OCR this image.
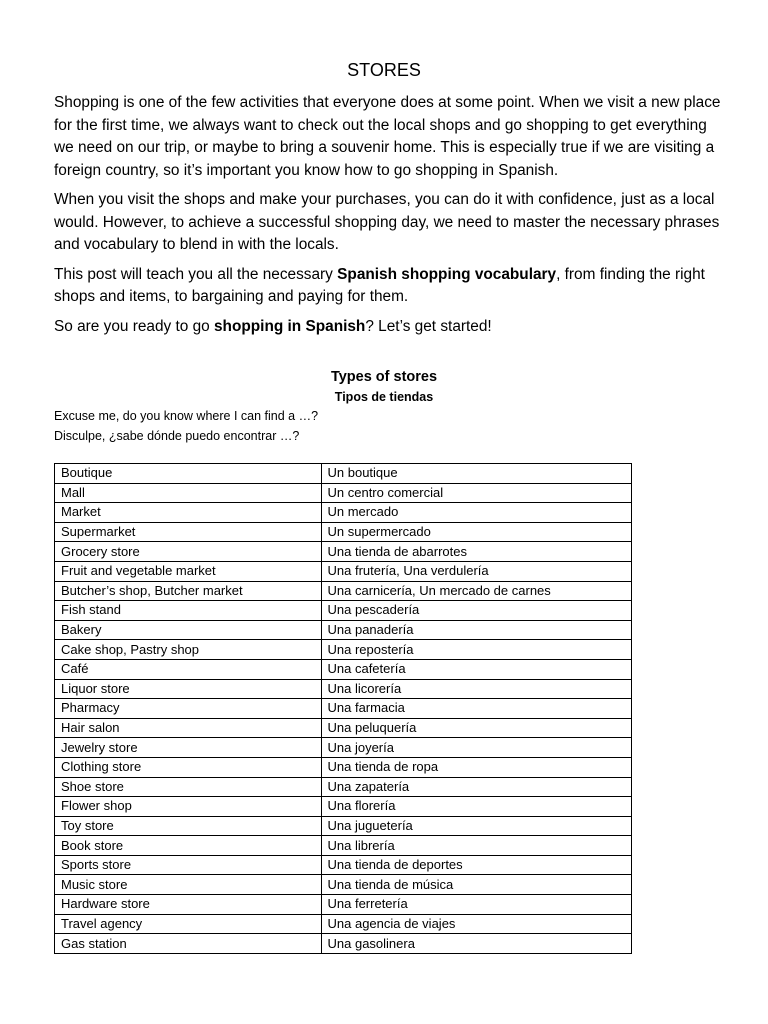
STORES

Shopping is one of the few activities that everyone does at some point. When we visit a new place for the first time, we always want to check out the local shops and go shopping to get everything we need on our trip, or maybe to bring a souvenir home. This is especially true if we are visiting a foreign country, so it’s important you know how to go shopping in Spanish.

When you visit the shops and make your purchases, you can do it with confidence, just as a local would. However, to achieve a successful shopping day, we need to master the necessary phrases and vocabulary to blend in with the locals.

This post will teach you all the necessary Spanish shopping vocabulary, from finding the right shops and items, to bargaining and paying for them.

So are you ready to go shopping in Spanish? Let’s get started!

Types of stores
Tipos de tiendas
Excuse me, do you know where I can find a …?
Disculpe, ¿sabe dónde puedo encontrar …?
Boutique	Un boutique
Mall	Un centro comercial
Market	Un mercado
Supermarket	Un supermercado
Grocery store	Una tienda de abarrotes
Fruit and vegetable market	Una frutería, Una verdulería
Butcher’s shop, Butcher market	Una carnicería, Un mercado de carnes
Fish stand	Una pescadería
Bakery	Una panadería
Cake shop, Pastry shop	Una repostería
Café	Una cafetería
Liquor store	Una licorería
Pharmacy	Una farmacia
Hair salon	Una peluquería
Jewelry store	Una joyería
Clothing store	Una tienda de ropa
Shoe store	Una zapatería
Flower shop	Una florería
Toy store	Una juguetería
Book store	Una librería
Sports store	Una tienda de deportes
Music store	Una tienda de música
Hardware store	Una ferretería
Travel agency	Una agencia de viajes
Gas station	Una gasolinera
